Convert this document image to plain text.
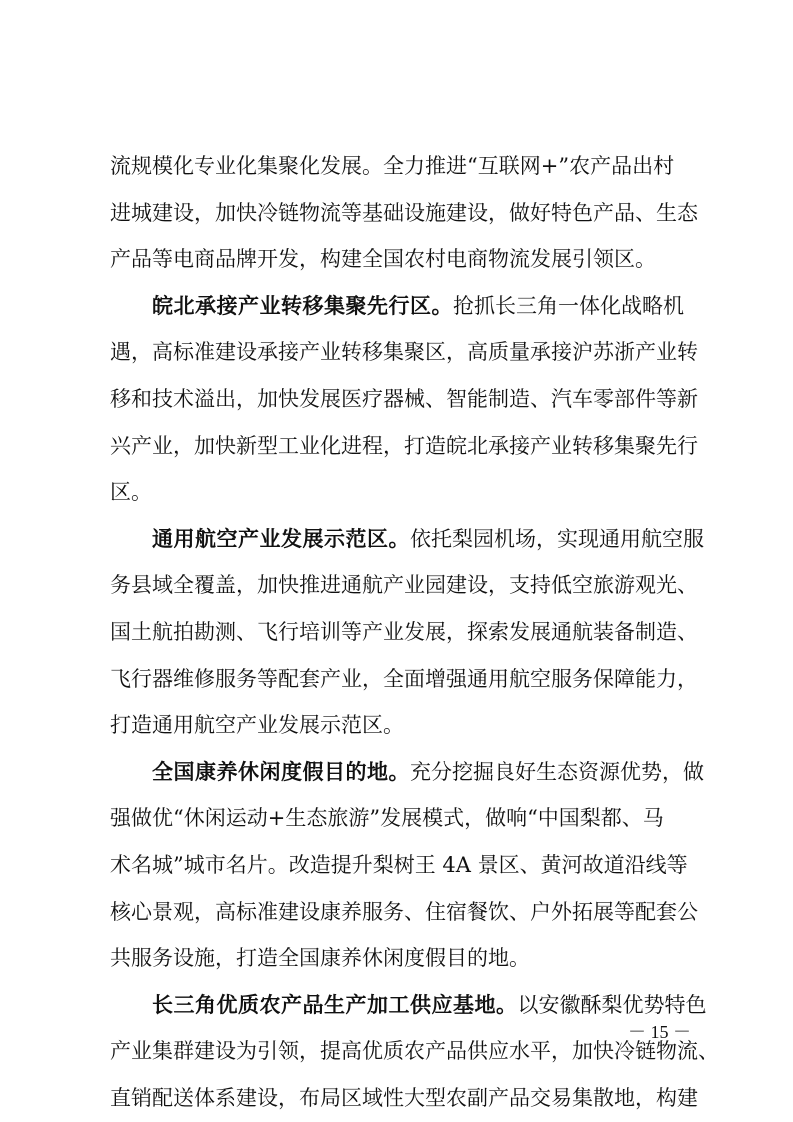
流规模化专业化集聚化发展。全力推进“互联网+”农产品出村
进城建设，加快冷链物流等基础设施建设，做好特色产品、生态
产品等电商品牌开发，构建全国农村电商物流发展引领区。
皖北承接产业转移集聚先行区。抢抓长三角一体化战略机
遇，高标准建设承接产业转移集聚区，高质量承接沪苏浙产业转
移和技术溢出，加快发展医疗器械、智能制造、汽车零部件等新
兴产业，加快新型工业化进程，打造皖北承接产业转移集聚先行
区。
通用航空产业发展示范区。依托梨园机场，实现通用航空服
务县域全覆盖，加快推进通航产业园建设，支持低空旅游观光、
国土航拍勘测、飞行培训等产业发展，探索发展通航装备制造、
飞行器维修服务等配套产业，全面增强通用航空服务保障能力，
打造通用航空产业发展示范区。
全国康养休闲度假目的地。充分挖掘良好生态资源优势，做
强做优“休闲运动+生态旅游”发展模式，做响“中国梨都、马
术名城”城市名片。改造提升梨树王 4A 景区、黄河故道沿线等
核心景观，高标准建设康养服务、住宿餐饮、户外拓展等配套公
共服务设施，打造全国康养休闲度假目的地。
长三角优质农产品生产加工供应基地。以安徽酥梨优势特色
产业集群建设为引领，提高优质农产品供应水平，加快冷链物流、
直销配送体系建设，布局区域性大型农副产品交易集散地，构建
－ 15 －
